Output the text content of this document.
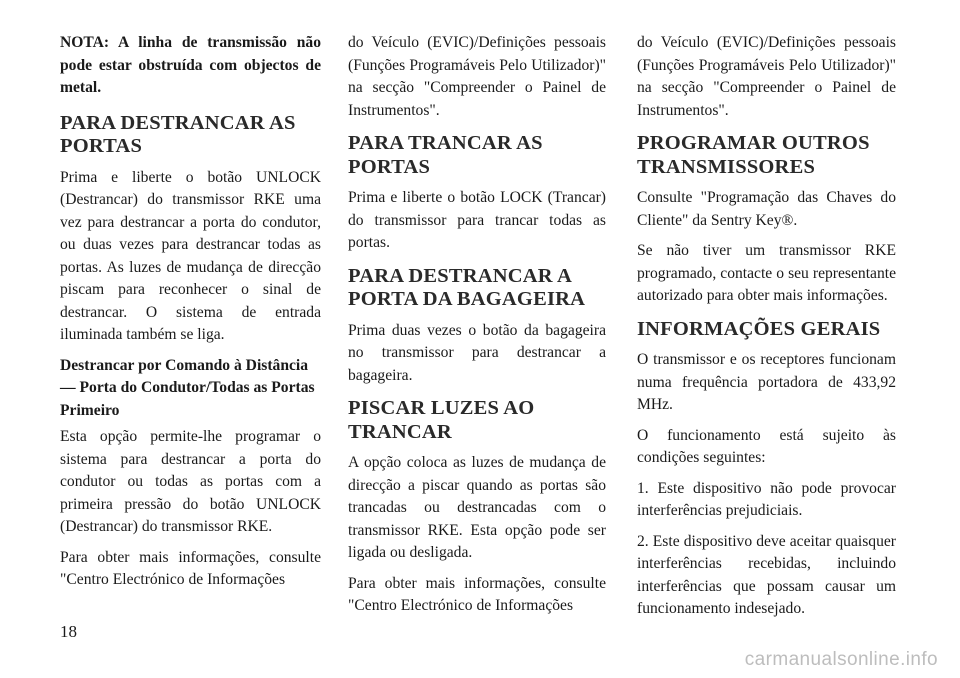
NOTA: A linha de transmissão não pode estar obstruída com objectos de metal.

PARA DESTRANCAR AS PORTAS

Prima e liberte o botão UNLOCK (Destrancar) do transmissor RKE uma vez para destrancar a porta do condutor, ou duas vezes para destrancar todas as portas. As luzes de mudança de direcção piscam para reconhecer o sinal de destrancar. O sistema de entrada iluminada também se liga.

Destrancar por Comando à Distância — Porta do Condutor/Todas as Portas Primeiro

Esta opção permite-lhe programar o sistema para destrancar a porta do condutor ou todas as portas com a primeira pressão do botão UNLOCK (Destrancar) do transmissor RKE.

Para obter mais informações, consulte "Centro Electrónico de Informações

do Veículo (EVIC)/Definições pessoais (Funções Programáveis Pelo Utilizador)" na secção "Compreender o Painel de Instrumentos".

PARA TRANCAR AS PORTAS

Prima e liberte o botão LOCK (Trancar) do transmissor para trancar todas as portas.

PARA DESTRANCAR A PORTA DA BAGAGEIRA

Prima duas vezes o botão da bagageira no transmissor para destrancar a bagageira.

PISCAR LUZES AO TRANCAR

A opção coloca as luzes de mudança de direcção a piscar quando as portas são trancadas ou destrancadas com o transmissor RKE. Esta opção pode ser ligada ou desligada.

Para obter mais informações, consulte "Centro Electrónico de Informações

do Veículo (EVIC)/Definições pessoais (Funções Programáveis Pelo Utilizador)" na secção "Compreender o Painel de Instrumentos".

PROGRAMAR OUTROS TRANSMISSORES

Consulte "Programação das Chaves do Cliente" da Sentry Key®.

Se não tiver um transmissor RKE programado, contacte o seu representante autorizado para obter mais informações.

INFORMAÇÕES GERAIS

O transmissor e os receptores funcionam numa frequência portadora de 433,92 MHz.

O funcionamento está sujeito às condições seguintes:

1. Este dispositivo não pode provocar interferências prejudiciais.

2. Este dispositivo deve aceitar quaisquer interferências recebidas, incluindo interferências que possam causar um funcionamento indesejado.

18
carmanualsonline.info
